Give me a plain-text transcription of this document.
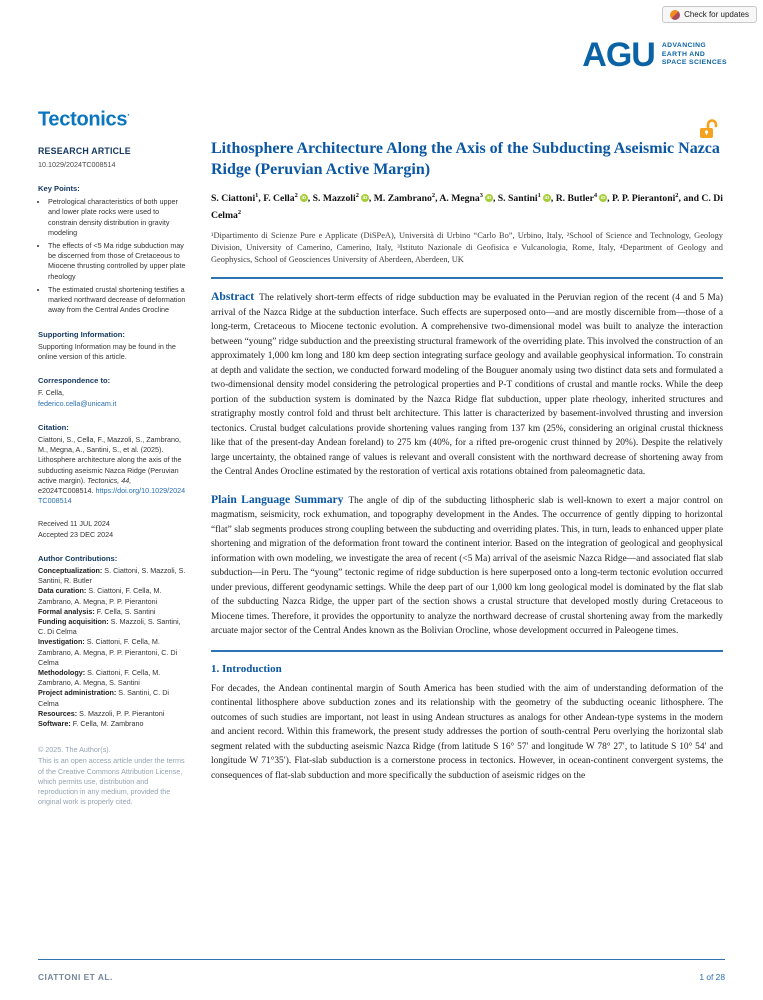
Check for updates
AGU ADVANCING
EARTH AND
SPACE SCIENCES
Tectonics·
RESEARCH ARTICLE
10.1029/2024TC008514
Key Points:
• Petrological characteristics of both upper and lower plate rocks were used to constrain density distribution in gravity modeling
• The effects of <5 Ma ridge subduction may be discerned from those of Cretaceous to Miocene thrusting controlled by upper plate rheology
• The estimated crustal shortening testifies a marked northward decrease of deformation away from the Central Andes Orocline
Supporting Information:
Supporting Information may be found in the online version of this article.
Correspondence to:
F. Cella,
federico.cella@unicam.it
Citation:
Ciattoni, S., Cella, F., Mazzoli, S., Zambrano, M., Megna, A., Santini, S., et al. (2025). Lithosphere architecture along the axis of the subducting aseismic Nazca Ridge (Peruvian active margin). Tectonics, 44, e2024TC008514. https://doi.org/10.1029/2024TC008514
Received 11 JUL 2024
Accepted 23 DEC 2024
Author Contributions:
Conceptualization: S. Ciattoni, S. Mazzoli, S. Santini, R. Butler
Data curation: S. Ciattoni, F. Cella, M. Zambrano, A. Megna, P. P. Pierantoni
Formal analysis: F. Cella, S. Santini
Funding acquisition: S. Mazzoli, S. Santini, C. Di Celma
Investigation: S. Ciattoni, F. Cella, M. Zambrano, A. Megna, P. P. Pierantoni, C. Di Celma
Methodology: S. Ciattoni, F. Cella, M. Zambrano, A. Megna, S. Santini
Project administration: S. Santini, C. Di Celma
Resources: S. Mazzoli, P. P. Pierantoni
Software: F. Cella, M. Zambrano
© 2025. The Author(s).
This is an open access article under the terms of the Creative Commons Attribution License, which permits use, distribution and reproduction in any medium, provided the original work is properly cited.
Lithosphere Architecture Along the Axis of the Subducting Aseismic Nazca Ridge (Peruvian Active Margin)
S. Ciattoni$^1$, F. Cella$^2$ iD , S. Mazzoli$^2$ iD , M. Zambrano$^2$, A. Megna$^3$ iD , S. Santini$^1$ iD , R. Butler$^4$ iD , P. P. Pierantoni$^2$, and C. Di Celma$^2$
¹Dipartimento di Scienze Pure e Applicate (DiSPeA), Università di Urbino “Carlo Bo”, Urbino, Italy, ²School of Science and Technology, Geology Division, University of Camerino, Camerino, Italy, ³Istituto Nazionale di Geofisica e Vulcanologia, Rome, Italy, ⁴Department of Geology and Geophysics, School of Geosciences University of Aberdeen, Aberdeen, UK

Abstract The relatively short-term effects of ridge subduction may be evaluated in the Peruvian region of the recent (4 and 5 Ma) arrival of the Nazca Ridge at the subduction interface. Such effects are superposed onto—and are mostly discernible from—those of a long-term, Cretaceous to Miocene tectonic evolution. A comprehensive two-dimensional model was built to analyze the interaction between “young” ridge subduction and the preexisting structural framework of the overriding plate. This involved the construction of an approximately 1,000 km long and 180 km deep section integrating surface geology and available geophysical information. To constrain at depth and validate the section, we conducted forward modeling of the Bouguer anomaly using two distinct data sets and formulated a two-dimensional density model considering the petrological properties and P-T conditions of crustal and mantle rocks. While the deep portion of the subduction system is dominated by the Nazca Ridge flat subduction, upper plate rheology, inherited structures and stratigraphy mostly control fold and thrust belt architecture. This latter is characterized by basement-involved thrusting and inversion tectonics. Crustal budget calculations provide shortening values ranging from 137 km (25%, considering an original crustal thickness like that of the present-day Andean foreland) to 275 km (40%, for a rifted pre-orogenic crust thinned by 20%). Despite the relatively large uncertainty, the obtained range of values is relevant and overall consistent with the northward decrease of shortening away from the Central Andes Orocline estimated by the restoration of vertical axis rotations obtained from paleomagnetic data.

Plain Language Summary The angle of dip of the subducting lithospheric slab is well-known to exert a major control on magmatism, seismicity, rock exhumation, and topography development in the Andes. The occurrence of gently dipping to horizontal “flat” slab segments produces strong coupling between the subducting and overriding plates. This, in turn, leads to enhanced upper plate shortening and migration of the deformation front toward the continent interior. Based on the integration of geological and geophysical information with own modeling, we investigate the area of recent (<5 Ma) arrival of the aseismic Nazca Ridge—and associated flat slab subduction—in Peru. The “young” tectonic regime of ridge subduction is here superposed onto a long-term tectonic evolution occurred under previous, different geodynamic settings. While the deep part of our 1,000 km long geological model is dominated by the flat slab of the subducting Nazca Ridge, the upper part of the section shows a crustal structure that developed mostly during Cretaceous to Miocene times. Therefore, it provides the opportunity to analyze the northward decrease of crustal shortening away from the markedly arcuate major sector of the Central Andes known as the Bolivian Orocline, whose development occurred in Paleogene times.

1. Introduction

For decades, the Andean continental margin of South America has been studied with the aim of understanding deformation of the continental lithosphere above subduction zones and its relationship with the geometry of the subducting oceanic lithosphere. The outcomes of such studies are important, not least in using Andean structures as analogs for other Andean-type systems in the modern and ancient record. Within this framework, the present study addresses the portion of south-central Peru overlying the horizontal slab segment related with the subducting aseismic Nazca Ridge (from latitude S 16° 57′ and longitude W 78° 27′, to latitude S 10° 54′ and longitude W 71°35′). Flat-slab subduction is a cornerstone process in tectonics. However, in ocean-continent convergent systems, the consequences of flat-slab subduction and more specifically the subduction of aseismic ridges on the

CIATTONI ET AL.	1 of 28
